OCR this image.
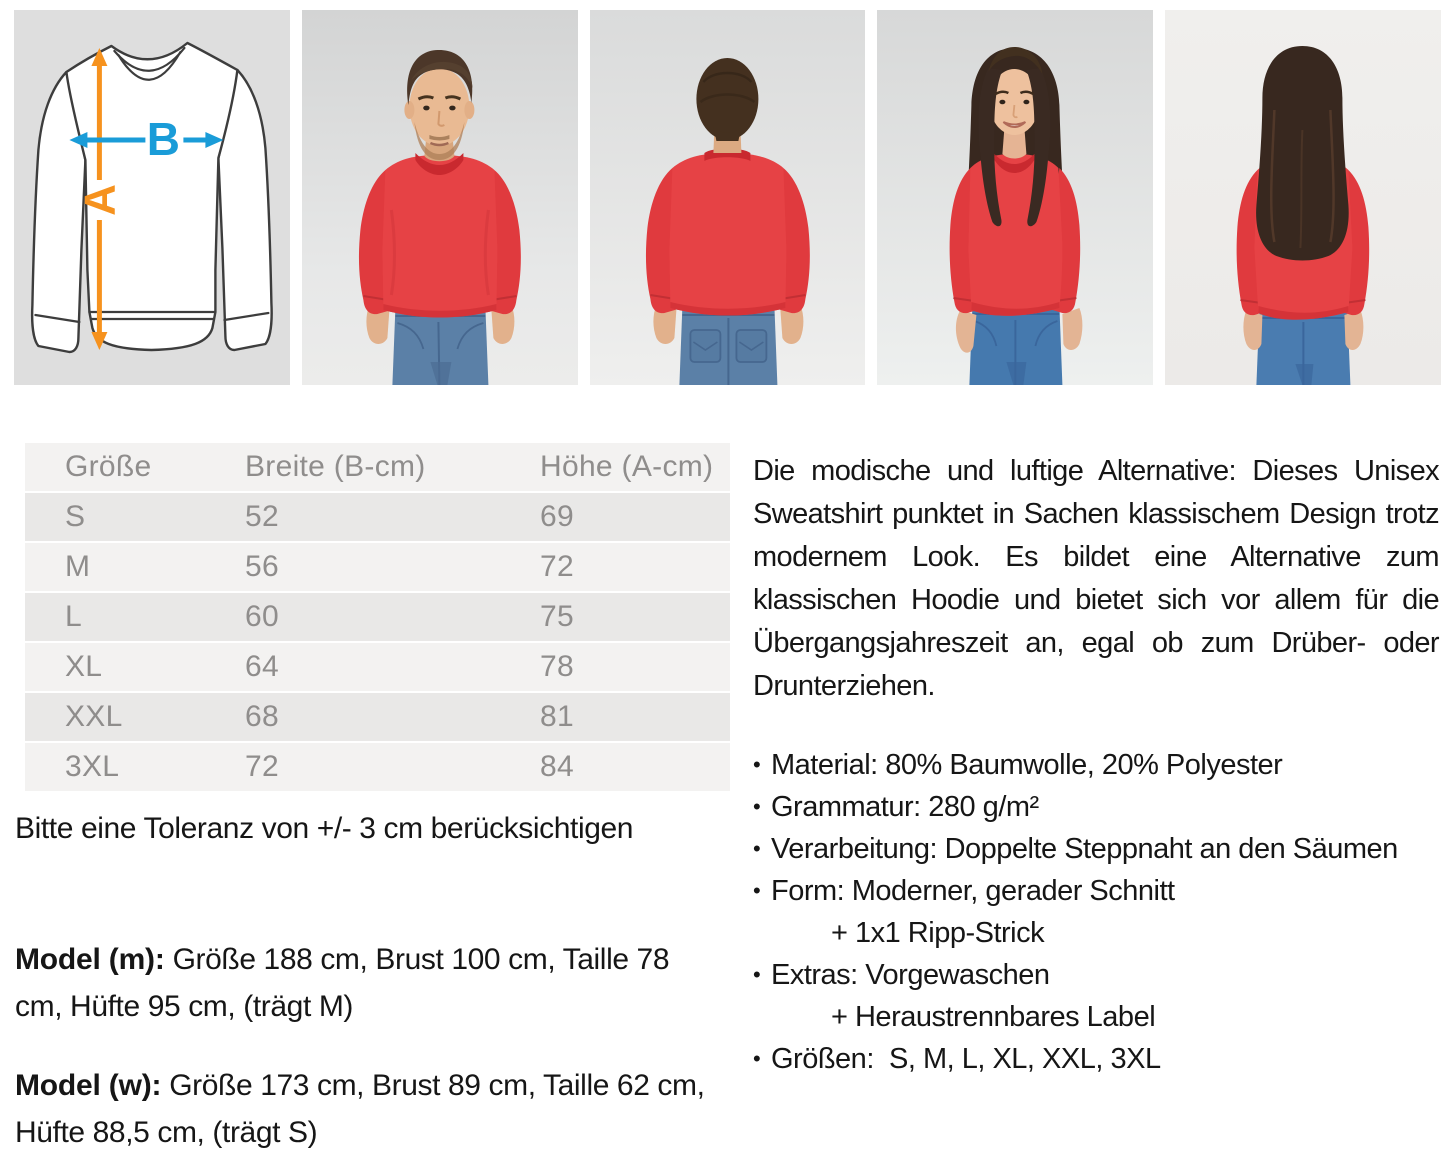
A
B
Größe	Breite (B-cm)	Höhe (A-cm)
S	52	69
M	56	72
L	60	75
XL	64	78
XXL	68	81
3XL	72	84
Bitte eine Toleranz von +/- 3 cm berücksichtigen

Model (m): Größe 188 cm, Brust 100 cm, Taille 78 cm, Hüfte 95 cm, (trägt M)

Model (w): Größe 173 cm, Brust 89 cm, Taille 62 cm, Hüfte 88,5 cm, (trägt S)

Die modische und luftige Alternative: Dieses Unisex Sweatshirt punktet in Sachen klassischem Design trotz modernem Look. Es bildet eine Alternative zum klassischen Hoodie und bietet sich vor allem für die Übergangsjahreszeit an, egal ob zum Drüber- oder Drunterziehen.
• Material: 80% Baumwolle, 20% Polyester
• Grammatur: 280 g/m²
• Verarbeitung: Doppelte Steppnaht an den Säumen
• Form: Moderner, gerader Schnitt
+ 1x1 Ripp-Strick
• Extras: Vorgewaschen
+ Heraustrennbares Label
• Größen:  S, M, L, XL, XXL, 3XL
